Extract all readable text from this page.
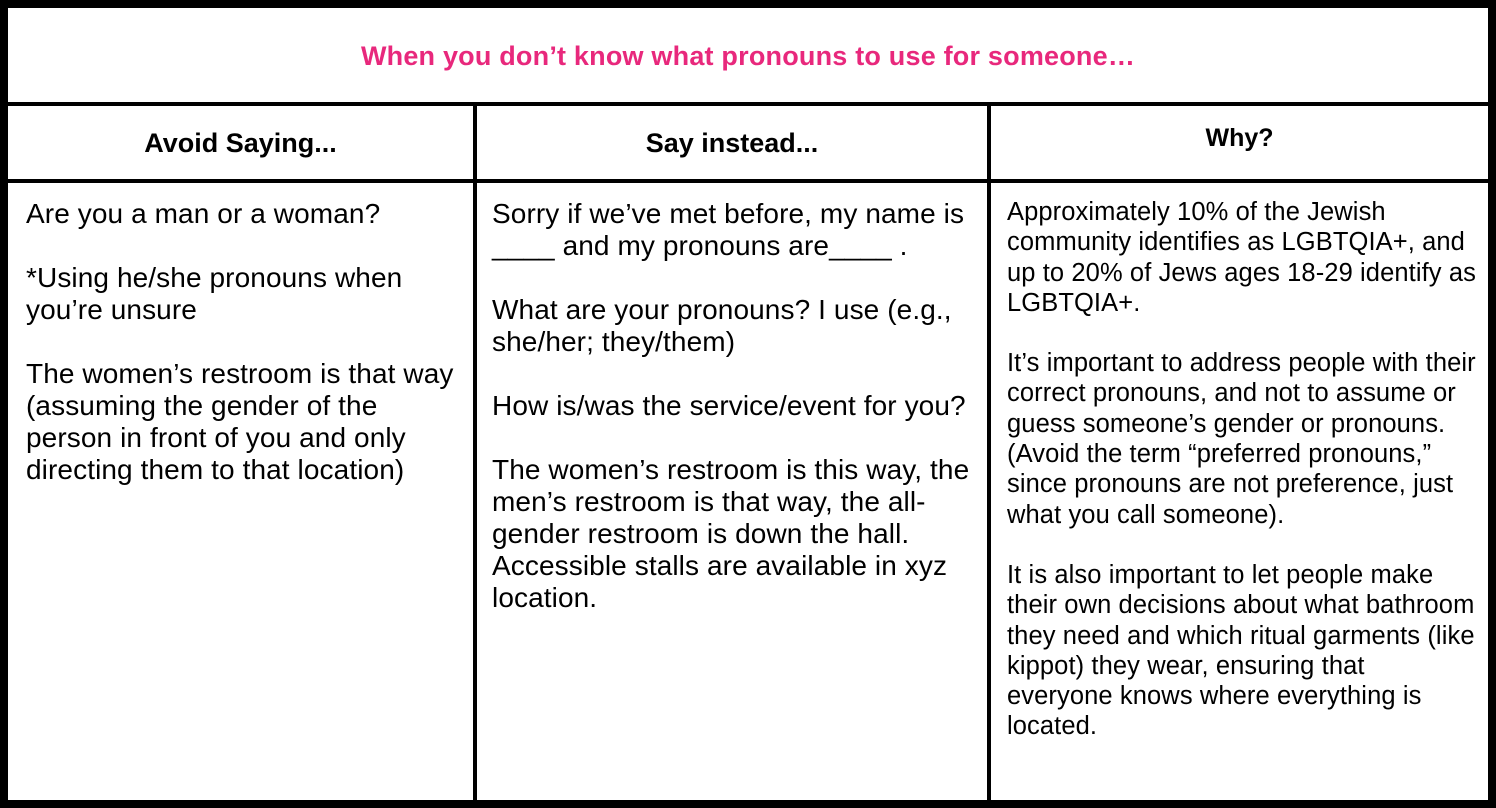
When you don’t know what pronouns to use for someone…
Avoid Saying...	Say instead...	Why?

Are you a man or a woman?

*Using he/she pronouns when you’re unsure

The women’s restroom is that way (assuming the gender of the person in front of you and only directing them to that location)

Sorry if we’ve met before, my name is ____ and my pronouns are____ .

What are your pronouns? I use (e.g., she/her; they/them)

How is/was the service/event for you?

The women’s restroom is this way, the men’s restroom is that way, the all-gender restroom is down the hall. Accessible stalls are available in xyz location.

Approximately 10% of the Jewish community identifies as LGBTQIA+, and up to 20% of Jews ages 18-29 identify as LGBTQIA+.

It’s important to address people with their correct pronouns, and not to assume or guess someone’s gender or pronouns. (Avoid the term “preferred pronouns,” since pronouns are not preference, just what you call someone).

It is also important to let people make their own decisions about what bathroom they need and which ritual garments (like kippot) they wear, ensuring that everyone knows where everything is located.
